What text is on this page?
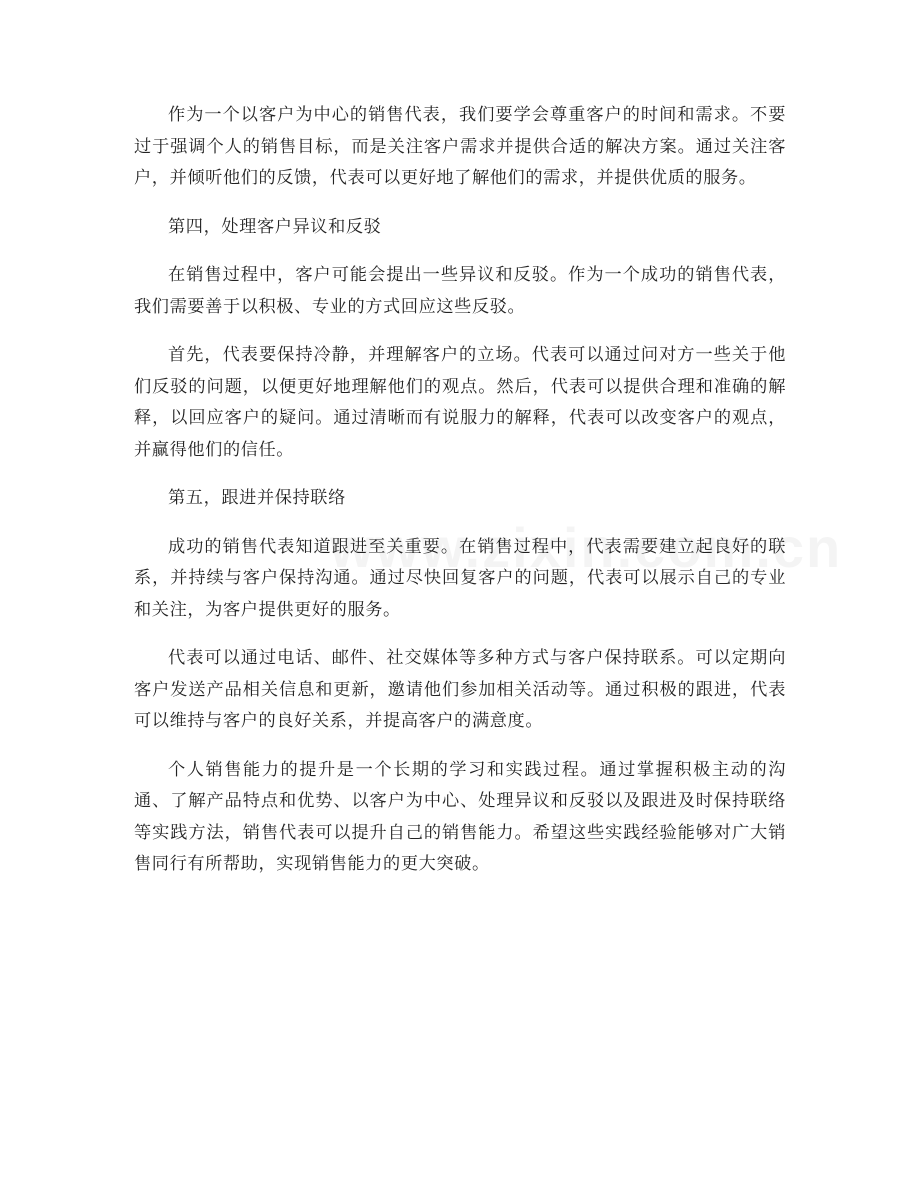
作为一个以客户为中心的销售代表，我们要学会尊重客户的时间和需求。不要过于强调个人的销售目标，而是关注客户需求并提供合适的解决方案。通过关注客户，并倾听他们的反馈，代表可以更好地了解他们的需求，并提供优质的服务。

第四，处理客户异议和反驳

在销售过程中，客户可能会提出一些异议和反驳。作为一个成功的销售代表，我们需要善于以积极、专业的方式回应这些反驳。

首先，代表要保持冷静，并理解客户的立场。代表可以通过问对方一些关于他们反驳的问题，以便更好地理解他们的观点。然后，代表可以提供合理和准确的解释，以回应客户的疑问。通过清晰而有说服力的解释，代表可以改变客户的观点，并赢得他们的信任。

第五，跟进并保持联络

成功的销售代表知道跟进至关重要。在销售过程中，代表需要建立起良好的联系，并持续与客户保持沟通。通过尽快回复客户的问题，代表可以展示自己的专业和关注，为客户提供更好的服务。

代表可以通过电话、邮件、社交媒体等多种方式与客户保持联系。可以定期向客户发送产品相关信息和更新，邀请他们参加相关活动等。通过积极的跟进，代表可以维持与客户的良好关系，并提高客户的满意度。

个人销售能力的提升是一个长期的学习和实践过程。通过掌握积极主动的沟通、了解产品特点和优势、以客户为中心、处理异议和反驳以及跟进及时保持联络等实践方法，销售代表可以提升自己的销售能力。希望这些实践经验能够对广大销售同行有所帮助，实现销售能力的更大突破。
